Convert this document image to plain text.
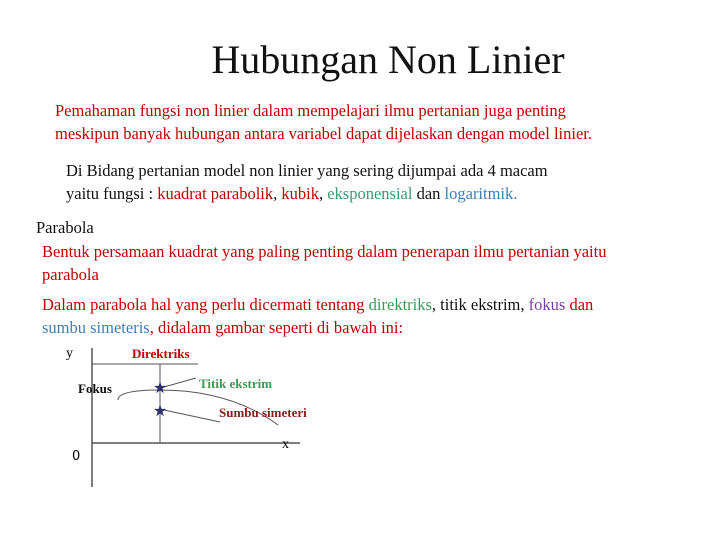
Hubungan Non Linier

Pemahaman fungsi non linier dalam mempelajari ilmu pertanian juga penting

meskipun banyak hubungan antara variabel dapat dijelaskan dengan model linier.

Di Bidang pertanian model non linier yang sering dijumpai ada 4 macam

yaitu fungsi : kuadrat parabolik, kubik, eksponensial dan logaritmik.

Parabola

Bentuk persamaan kuadrat yang paling penting dalam penerapan ilmu pertanian yaitu

parabola

Dalam parabola hal yang perlu dicermati tentang direktriks, titik ekstrim, fokus dan

sumbu simeteris, didalam gambar seperti di bawah ini:

★
★
y	Direktriks
Fokus	Titik ekstrim
Sumbu simeteri
x
0
